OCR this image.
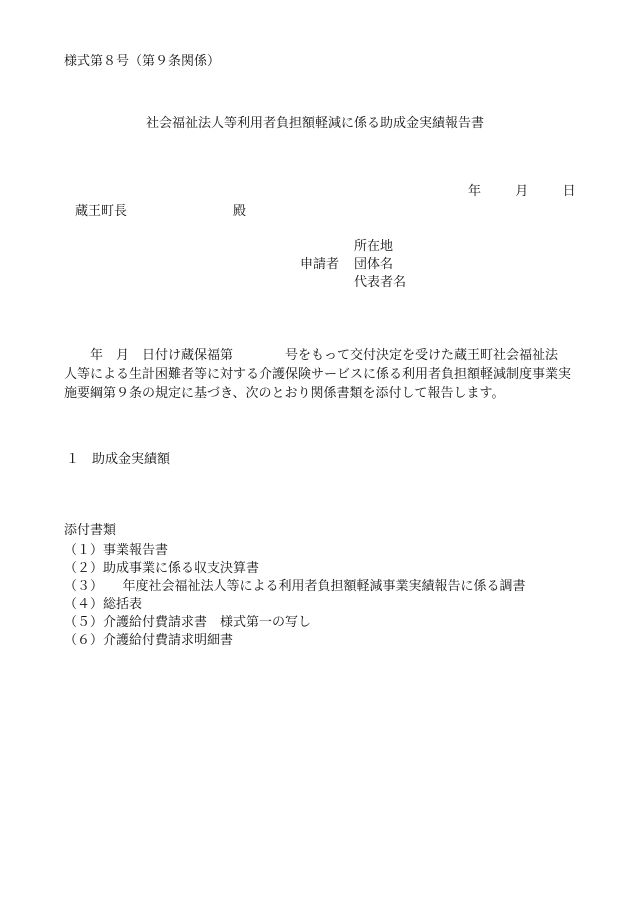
様式第８号（第９条関係）
社会福祉法人等利用者負担額軽減に係る助成金実績報告書
年	月	日
蔵王町長	殿
所在地
申請者 団体名
代表者名

　　年　月　日付け蔵保福第　　　　号をもって交付決定を受けた蔵王町社会福祉法

人等による生計困難者等に対する介護保険サービスに係る利用者負担額軽減制度事業実

施要綱第９条の規定に基づき、次のとおり関係書類を添付して報告します。

１　助成金実績額
添付書類
（１）事業報告書
（２）助成事業に係る収支決算書
（３）　　年度社会福祉法人等による利用者負担額軽減事業実績報告に係る調書
（４）総括表
（５）介護給付費請求書　様式第一の写し
（６）介護給付費請求明細書
